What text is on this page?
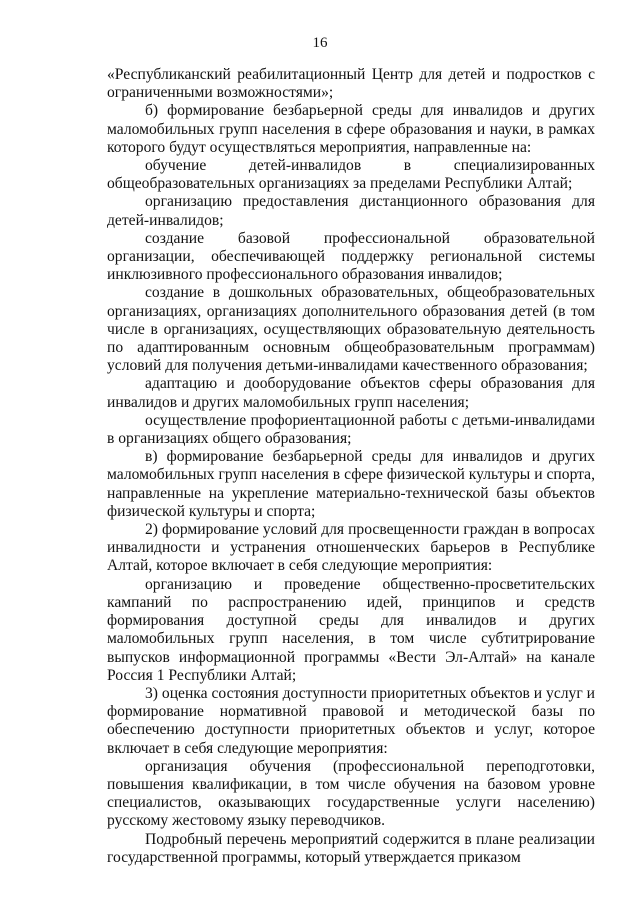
16

«Республиканский реабилитационный Центр для детей и подростков с ограниченными возможностями»;

б) формирование безбарьерной среды для инвалидов и других маломобильных групп населения в сфере образования и науки, в рамках которого будут осуществляться мероприятия, направленные на:

обучение детей-инвалидов в специализированных общеобразовательных организациях за пределами Республики Алтай;

организацию предоставления дистанционного образования для детей-инвалидов;

создание базовой профессиональной образовательной организации, обеспечивающей поддержку региональной системы инклюзивного профессионального образования инвалидов;

создание в дошкольных образовательных, общеобразовательных организациях, организациях дополнительного образования детей (в том числе в организациях, осуществляющих образовательную деятельность по адаптированным основным общеобразовательным программам) условий для получения детьми-инвалидами качественного образования;

адаптацию и дооборудование объектов сферы образования для инвалидов и других маломобильных групп населения;

осуществление профориентационной работы с детьми-инвалидами в организациях общего образования;

в) формирование безбарьерной среды для инвалидов и других маломобильных групп населения в сфере физической культуры и спорта, направленные на укрепление материально-технической базы объектов физической культуры и спорта;

2) формирование условий для просвещенности граждан в вопросах инвалидности и устранения отношенческих барьеров в Республике Алтай, которое включает в себя следующие мероприятия:

организацию и проведение общественно-просветительских кампаний по распространению идей, принципов и средств формирования доступной среды для инвалидов и других маломобильных групп населения, в том числе субтитрирование выпусков информационной программы «Вести Эл-Алтай» на канале Россия 1 Республики Алтай;

3) оценка состояния доступности приоритетных объектов и услуг и формирование нормативной правовой и методической базы по обеспечению доступности приоритетных объектов и услуг, которое включает в себя следующие мероприятия:

организация обучения (профессиональной переподготовки, повышения квалификации, в том числе обучения на базовом уровне специалистов, оказывающих государственные услуги населению) русскому жестовому языку переводчиков.

Подробный перечень мероприятий содержится в плане реализации государственной программы, который утверждается приказом
